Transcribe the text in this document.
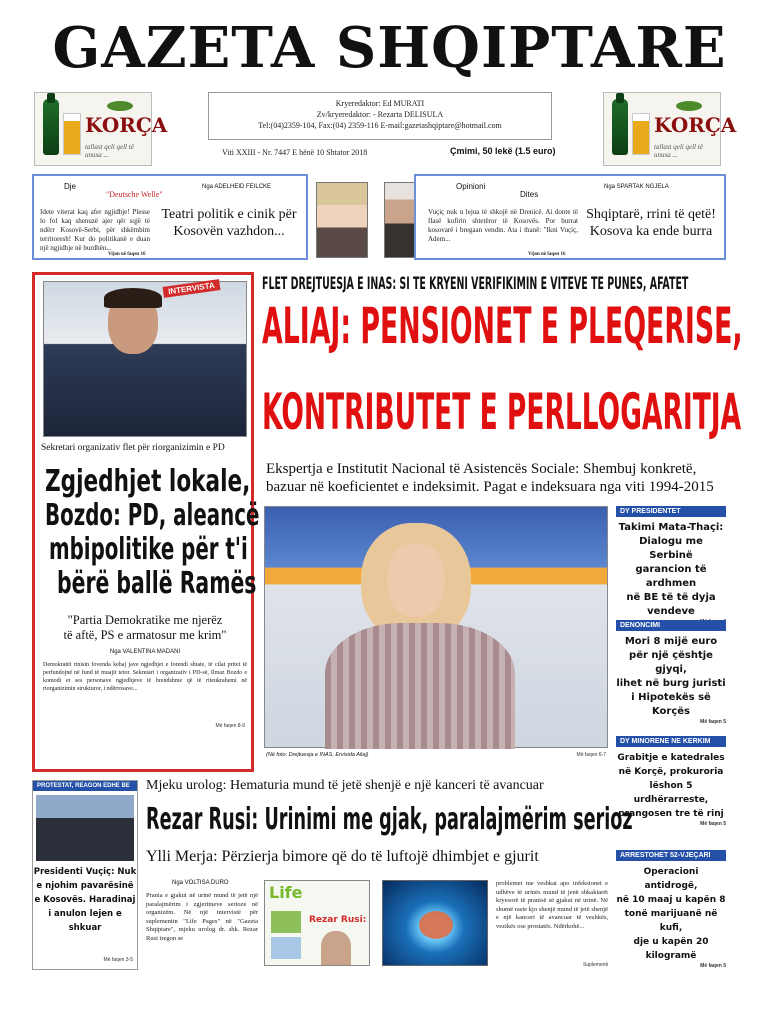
GAZETA SHQIPTARE
KORÇA
tallast qeli qell të unusa ...
KORÇA
tallast qeli qell të unusa ...
Kryeredaktor: Ed MURATI
Zv/kryeredaktor: - Rezarta DELISULA
Tel:(04)2359-104, Fax:(04) 2359-116 E-mail:gazetashqiptare@hotmail.com
Viti XXIII - Nr. 7447 E hënë 10 Shtator 2018	Çmimi, 50 lekë (1.5 euro)
Dje
"Deutsche Welle"
Nga ADELHEID FEILCKE
Idete viterat kaq afer ngjidhje! Plesse lo fol kaq shenuzë ajer qër sqjë të ndërr Kosovë-Serbi, për shkëmbim territoresh! Kur do politikanë e duan një ngjidhje në burdhën...
Vijon në faqen 16
Teatri politik e cinik për Kosovën vazhdon...
Opinioni
Dites
Nga SPARTAK NGJELA
Vuçiç nuk u lejua të shkojë në Drenicë. Ai donte të flasë kufirin shtetëror të Kosovës. Por burrat kosovarë i bregaan vendin. Ata i thanë: "Ikni Vuçiç, Adem...
Vijon në faqen 16
Shqiptarë, rrini të qetë! Kosova ka ende burra
INTERVISTA
Sekretari organizativ flet për riorganizimin e PD
Zgjedhjet lokale,
Bozdo: PD, aleancë
mbipolitike për t'i
bërë ballë Ramës
"Partia Demokratike me njerëz
të aftë, PS e armatosur me krim"
Nga VALENTINA MADANI
Demokratët rinisin fovenda kehaj jave ngjedhjet e forendi shtate, të cilat pritet të perfundojnë në fund të muajit tetor. Sekretari i organizativ i PD-së, Ilmaz Bozdo e komodi et ses personave ngjedhjeve të brendshme që të riteukrahemi në riorganizimin strukturor, i ndërrosave...
Më faqen 8-9
FLET DREJTUESJA E INAS: SI TE KRYENI VERIFIKIMIN E VITEVE TE PUNES, AFATET
ALIAJ: PENSIONET E PLEQERISE,
KONTRIBUTET E PERLLOGARITJA
Ekspertja e Institutit Nacional të Asistencës Sociale: Shembuj konkretë,
bazuar në koeficientet e indeksimit. Pagat e indeksuara nga viti 1994-2015
(Në foto: Drejtuesja e INAS, Ervisida Aliaj)	Më faqen 6-7
DY PRESIDENTET
Takimi Mata-Thaçi:
Dialogu me Serbinë
garancion të ardhmen
në BE të të dyja vendeve
DENONCIMI
Mori 8 mijë euro
për një çështje gjyqi,
lihet në burg juristi
i Hipotekës së Korçës
Më faqen 5
DY MINORENE NE KERKIM
Grabitje e katedrales
në Korçë, prokuroria
lëshon 5 urdhërarreste,
prangosen tre të rinj
Më faqen 5
ARRESTOHET 52-VJEÇARI
Operacioni antidrogë,
në 10 maaj u kapën 8
tonë marijuanë në kufi,
dje u kapën 20 kilogramë
Më faqen 5
PROTESTAT, REAGON EDHE BE
Presidenti Vuçiç: Nuk
e njohim pavarësinë
e Kosovës. Haradinaj
i anulon lejen e shkuar
Më faqen 3-5
Mjeku urolog: Hematuria mund të jetë shenjë e një kanceri të avancuar
Rezar Rusi: Urinimi me gjak, paralajmërim serioz
Ylli Merja: Përzierja bimore që do të luftojë dhimbjet e gjurit
Nga VOLTISA DURO
Prania e gjakut në urinë mund të jetë një paralajmërim i zgjerimeve serioze në organizëm. Në një intervistë për suplementin "Life Pages" në "Gazeta Shqiptare", mjeku urolog dr. shk. Rezar Rusi tregon se
Life
Rezar Rusi:
problemet me veshkat apo infeksionet e udhëve të urinës mund të jenë shkaktarët kryesorë të pranisë së gjakut në urinë. Në shumë raste kjo shenjë mund të jetë shenjë e një kanceri të avancuar të veshkës, vezikës ose prostatës. Ndërkohë...
Suplementi
